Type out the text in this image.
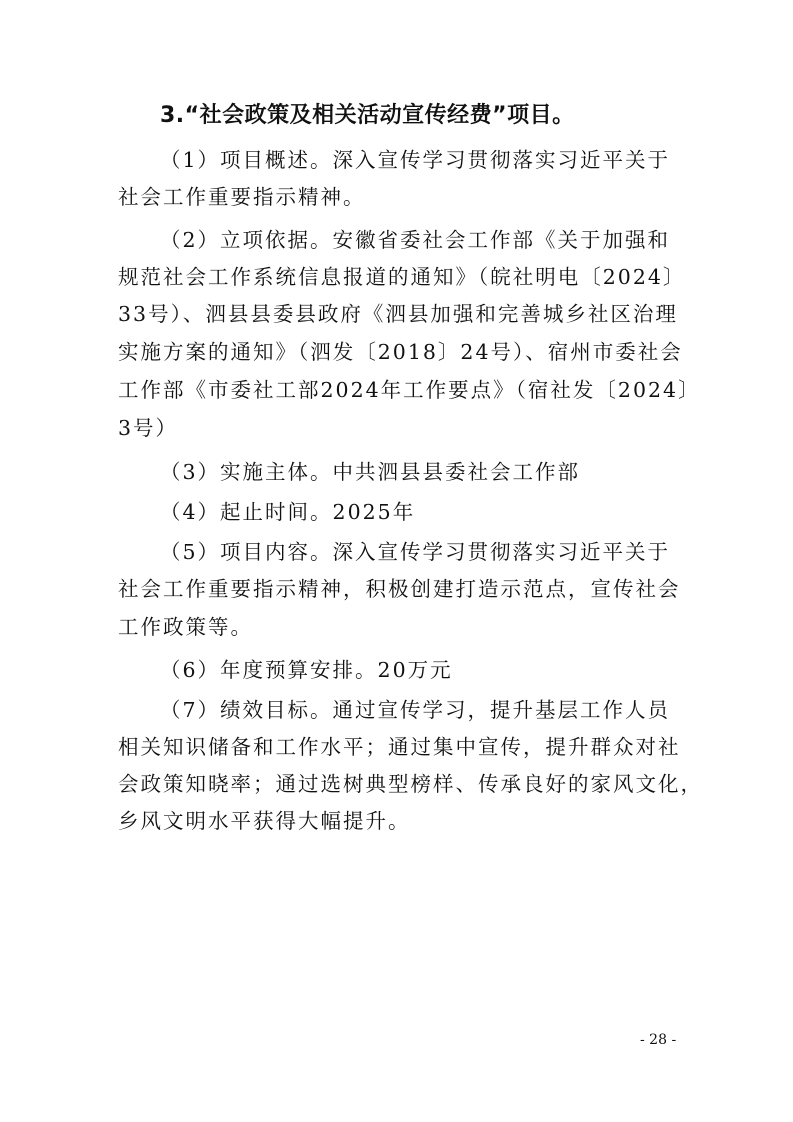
3.“社会政策及相关活动宣传经费”项目。
（1）项目概述。深入宣传学习贯彻落实习近平关于
社会工作重要指示精神。
（2）立项依据。安徽省委社会工作部《关于加强和
规范社会工作系统信息报道的通知》（皖社明电〔2024〕
33号）、泗县县委县政府《泗县加强和完善城乡社区治理
实施方案的通知》（泗发〔2018〕24号）、宿州市委社会
工作部《市委社工部2024年工作要点》（宿社发〔2024〕
3号）
（3）实施主体。中共泗县县委社会工作部
（4）起止时间。2025年
（5）项目内容。深入宣传学习贯彻落实习近平关于
社会工作重要指示精神，积极创建打造示范点，宣传社会
工作政策等。
（6）年度预算安排。20万元
（7）绩效目标。通过宣传学习，提升基层工作人员
相关知识储备和工作水平；通过集中宣传，提升群众对社
会政策知晓率；通过选树典型榜样、传承良好的家风文化，
乡风文明水平获得大幅提升。
- 28 -
